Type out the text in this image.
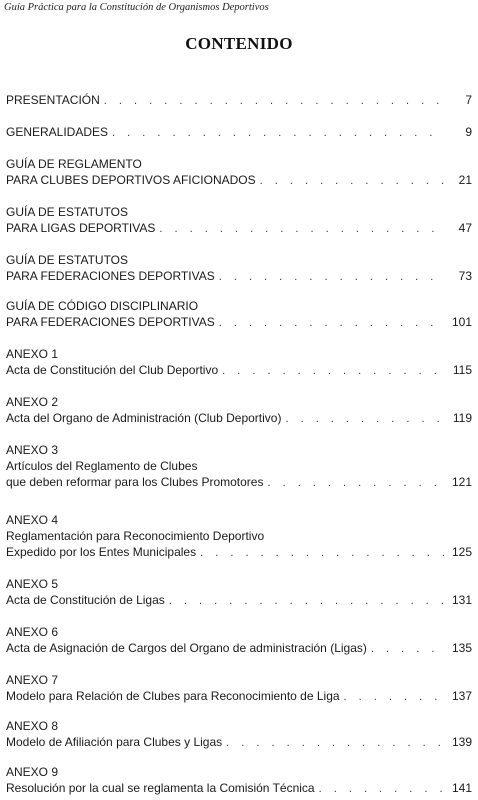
Guía Práctica para la Constitución de Organismos Deportivos
CONTENIDO
PRESENTACIÓN . . .	7
GENERALIDADES . . .	9
GUÍA DE REGLAMENTO
PARA CLUBES DEPORTIVOS AFICIONADOS . . .	21
GUÍA DE ESTATUTOS
PARA LIGAS DEPORTIVAS . . .	47
GUÍA DE ESTATUTOS
PARA FEDERACIONES DEPORTIVAS . . .	73
GUÍA DE CÓDIGO DISCIPLINARIO
PARA FEDERACIONES DEPORTIVAS . . .	101
ANEXO 1
Acta de Constitución del Club Deportivo . . .	115
ANEXO 2
Acta del Organo de Administración (Club Deportivo) . . .	119
ANEXO 3
Artículos del Reglamento de Clubes
que deben reformar para los Clubes Promotores . . .	121
ANEXO 4
Reglamentación para Reconocimiento Deportivo
Expedido por los Entes Municipales . . .	125
ANEXO 5
Acta de Constitución de Ligas . . .	131
ANEXO 6
Acta de Asignación de Cargos del Organo de administración (Ligas) . . .	135
ANEXO 7
Modelo para Relación de Clubes para Reconocimiento de Liga . . .	137
ANEXO 8
Modelo de Afiliación para Clubes y Ligas . . .	139
ANEXO 9
Resolución por la cual se reglamenta la Comisión Técnica . . .	141
